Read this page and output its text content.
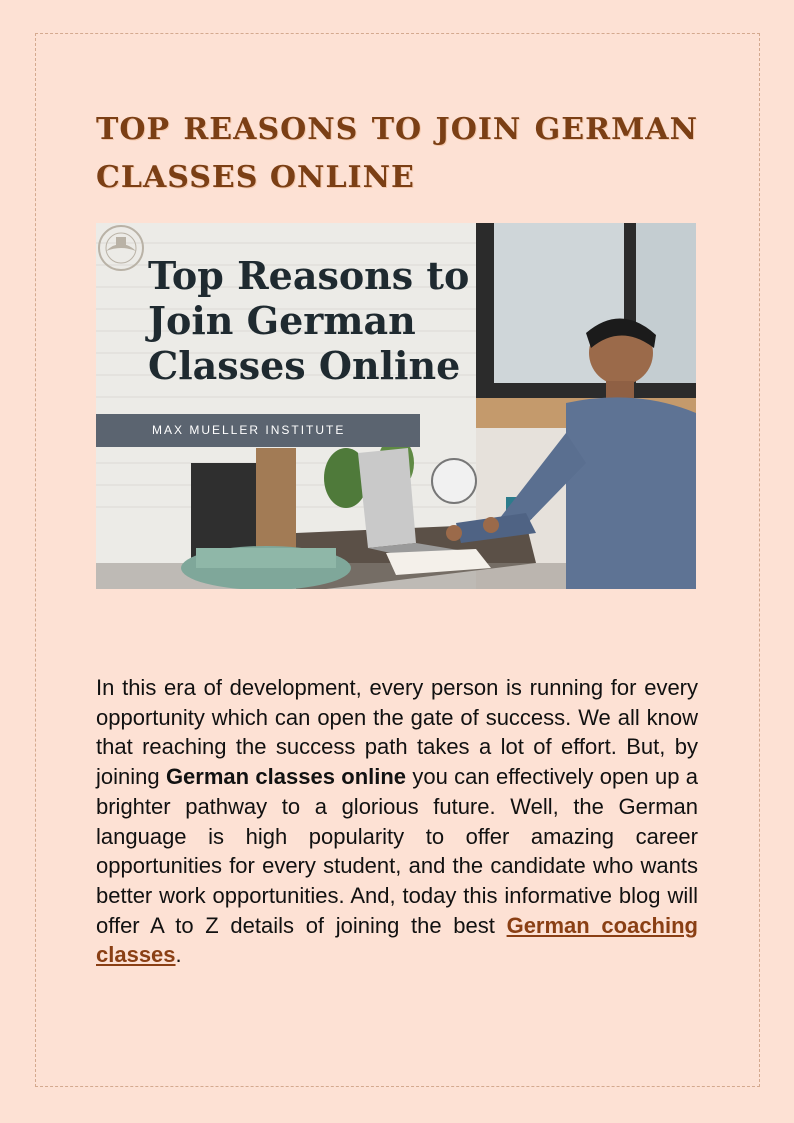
TOP REASONS TO JOIN GERMAN CLASSES ONLINE
Top Reasons to
Join German
Classes Online
MAX MUELLER INSTITUTE

In this era of development, every person is running for every opportunity which can open the gate of success. We all know that reaching the success path takes a lot of effort. But, by joining German classes online you can effectively open up a brighter pathway to a glorious future. Well, the German language is high popularity to offer amazing career opportunities for every student, and the candidate who wants better work opportunities. And, today this informative blog will offer A to Z details of joining the best German coaching classes.
